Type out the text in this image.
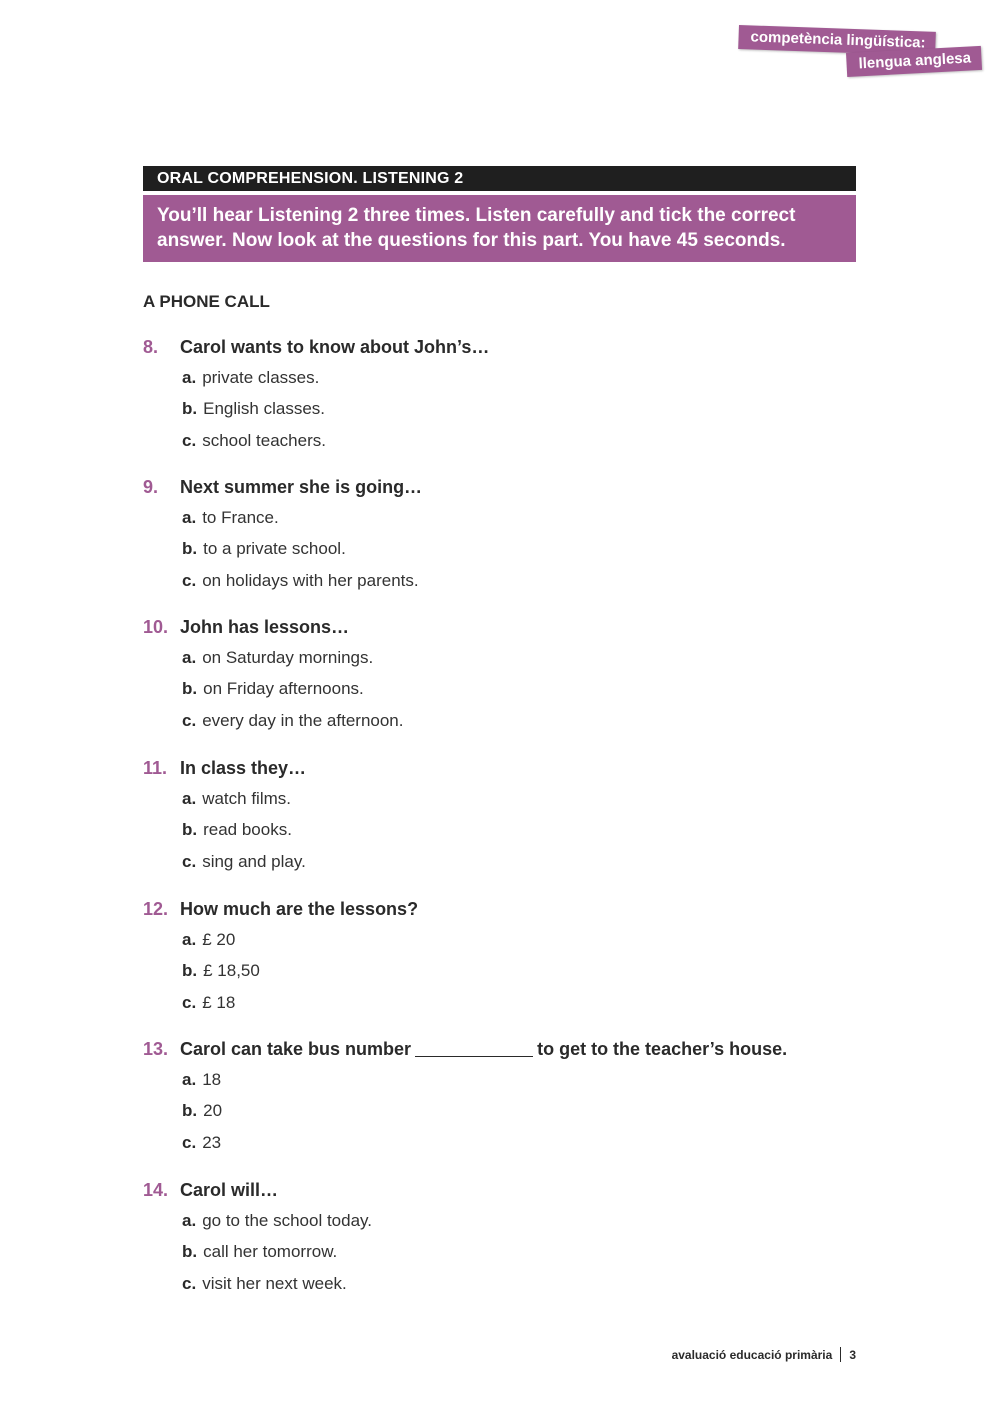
competència lingüística:
llengua anglesa
ORAL COMPREHENSION. LISTENING 2
You’ll hear Listening 2 three times. Listen carefully and tick the correct answer. Now look at the questions for this part. You have 45 seconds.
A PHONE CALL
8. Carol wants to know about John’s…
a. private classes.
b. English classes.
c. school teachers.
9. Next summer she is going…
a. to France.
b. to a private school.
c. on holidays with her parents.
10. John has lessons…
a. on Saturday mornings.
b. on Friday afternoons.
c. every day in the afternoon.
11. In class they…
a. watch films.
b. read books.
c. sing and play.
12. How much are the lessons?
a. £ 20
b. £ 18,50
c. £ 18
13. Carol can take bus number	to get to the teacher’s house.
a. 18
b. 20
c. 23
14. Carol will…
a. go to the school today.
b. call her tomorrow.
c. visit her next week.
avaluació educació primària 3
